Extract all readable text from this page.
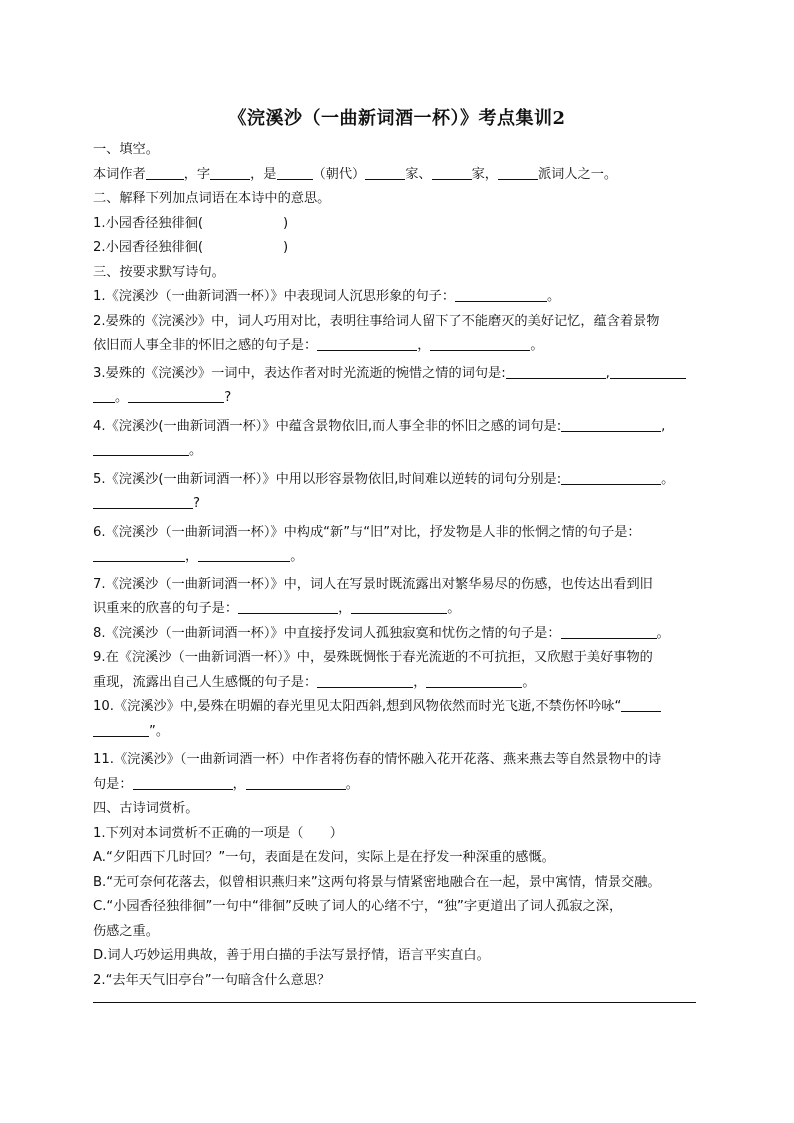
《浣溪沙（一曲新词酒一杯）》考点集训2
一、填空。
本词作者	，字	，是	（朝代）	家、	家，	派词人之一。
二、解释下列加点词语在本诗中的意思。
1.小园香径独徘徊(	)
2.小园香径独徘徊(	)
三、按要求默写诗句。
1.《浣溪沙（一曲新词酒一杯）》中表现词人沉思形象的句子：	。
2.晏殊的《浣溪沙》中，词人巧用对比，表明往事给词人留下了不能磨灭的美好记忆，蕴含着景物
依旧而人事全非的怀旧之感的句子是：	，	。
3.晏殊的《浣溪沙》一词中，表达作者对时光流逝的惋惜之情的词句是:	,
。	?
4.《浣溪沙(一曲新词酒一杯）》中蕴含景物依旧,而人事全非的怀旧之感的词句是:	,
。
5.《浣溪沙(一曲新词酒一杯）》中用以形容景物依旧,时间难以逆转的词句分别是:	。
?
6.《浣溪沙（一曲新词酒一杯）》中构成“新”与“旧”对比，抒发物是人非的怅惘之情的句子是：
，	。
7.《浣溪沙（一曲新词酒一杯）》中，词人在写景时既流露出对繁华易尽的伤感，也传达出看到旧
识重来的欣喜的句子是：	，	。
8.《浣溪沙（一曲新词酒一杯）》中直接抒发词人孤独寂寞和忧伤之情的句子是：	。
9.在《浣溪沙（一曲新词酒一杯）》中，晏殊既惆怅于春光流逝的不可抗拒，又欣慰于美好事物的
重现，流露出自己人生感慨的句子是：	，	。
10.《浣溪沙》中,晏殊在明媚的春光里见太阳西斜,想到风物依然而时光飞逝,不禁伤怀吟咏“
”。
11.《浣溪沙》（一曲新词酒一杯）中作者将伤春的情怀融入花开花落、燕来燕去等自然景物中的诗
句是：	，	。
四、古诗词赏析。
1.下列对本词赏析不正确的一项是（　　）
A.“夕阳西下几时回？”一句，表面是在发问，实际上是在抒发一种深重的感慨。
B.“无可奈何花落去，似曾相识燕归来”这两句将景与情紧密地融合在一起，景中寓情，情景交融。
C.“小园香径独徘徊”一句中“徘徊”反映了词人的心绪不宁，“独”字更道出了词人孤寂之深，
伤感之重。
D.词人巧妙运用典故，善于用白描的手法写景抒情，语言平实直白。
2.“去年天气旧亭台”一句暗含什么意思？
